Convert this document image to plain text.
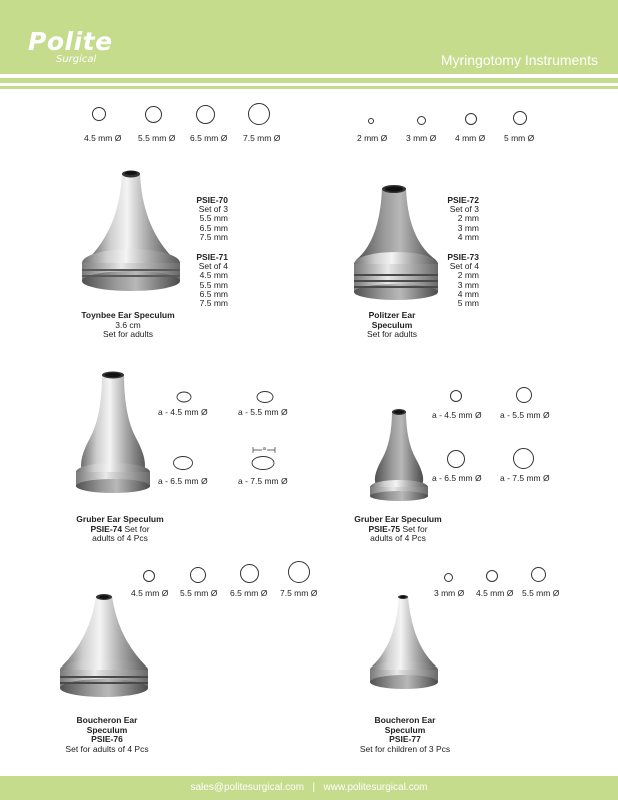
Polite
Surgical	Myringotomy Instruments
4.5 mm Ø 5.5 mm Ø 6.5 mm Ø 7.5 mm Ø
PSIE-70
Set of 3
5.5 mm
6.5 mm
7.5 mm
PSIE-71
Set of 4
4.5 mm
5.5 mm
6.5 mm
7.5 mm
Toynbee Ear Speculum
3.6 cm
Set for adults
2 mm Ø 3 mm Ø 4 mm Ø 5 mm Ø
PSIE-72
Set of 3
2 mm
3 mm
4 mm
PSIE-73
Set of 4
2 mm
3 mm
4 mm
5 mm
Politzer Ear
Speculum
Set for adults
a
a - 4.5 mm Ø	a - 5.5 mm Ø
a - 6.5 mm Ø	a - 7.5 mm Ø
Gruber Ear Speculum
PSIE-74 Set for
adults of 4 Pcs
a - 4.5 mm Ø a - 5.5 mm Ø
a - 6.5 mm Ø a - 7.5 mm Ø
Gruber Ear Speculum
PSIE-75 Set for
adults of 4 Pcs
4.5 mm Ø 5.5 mm Ø 6.5 mm Ø 7.5 mm Ø
Boucheron Ear
Speculum
PSIE-76
Set for adults of 4 Pcs
3 mm Ø 4.5 mm Ø 5.5 mm Ø
Boucheron Ear
Speculum
PSIE-77
Set for children of 3 Pcs
sales@politesurgical.com | www.politesurgical.com
